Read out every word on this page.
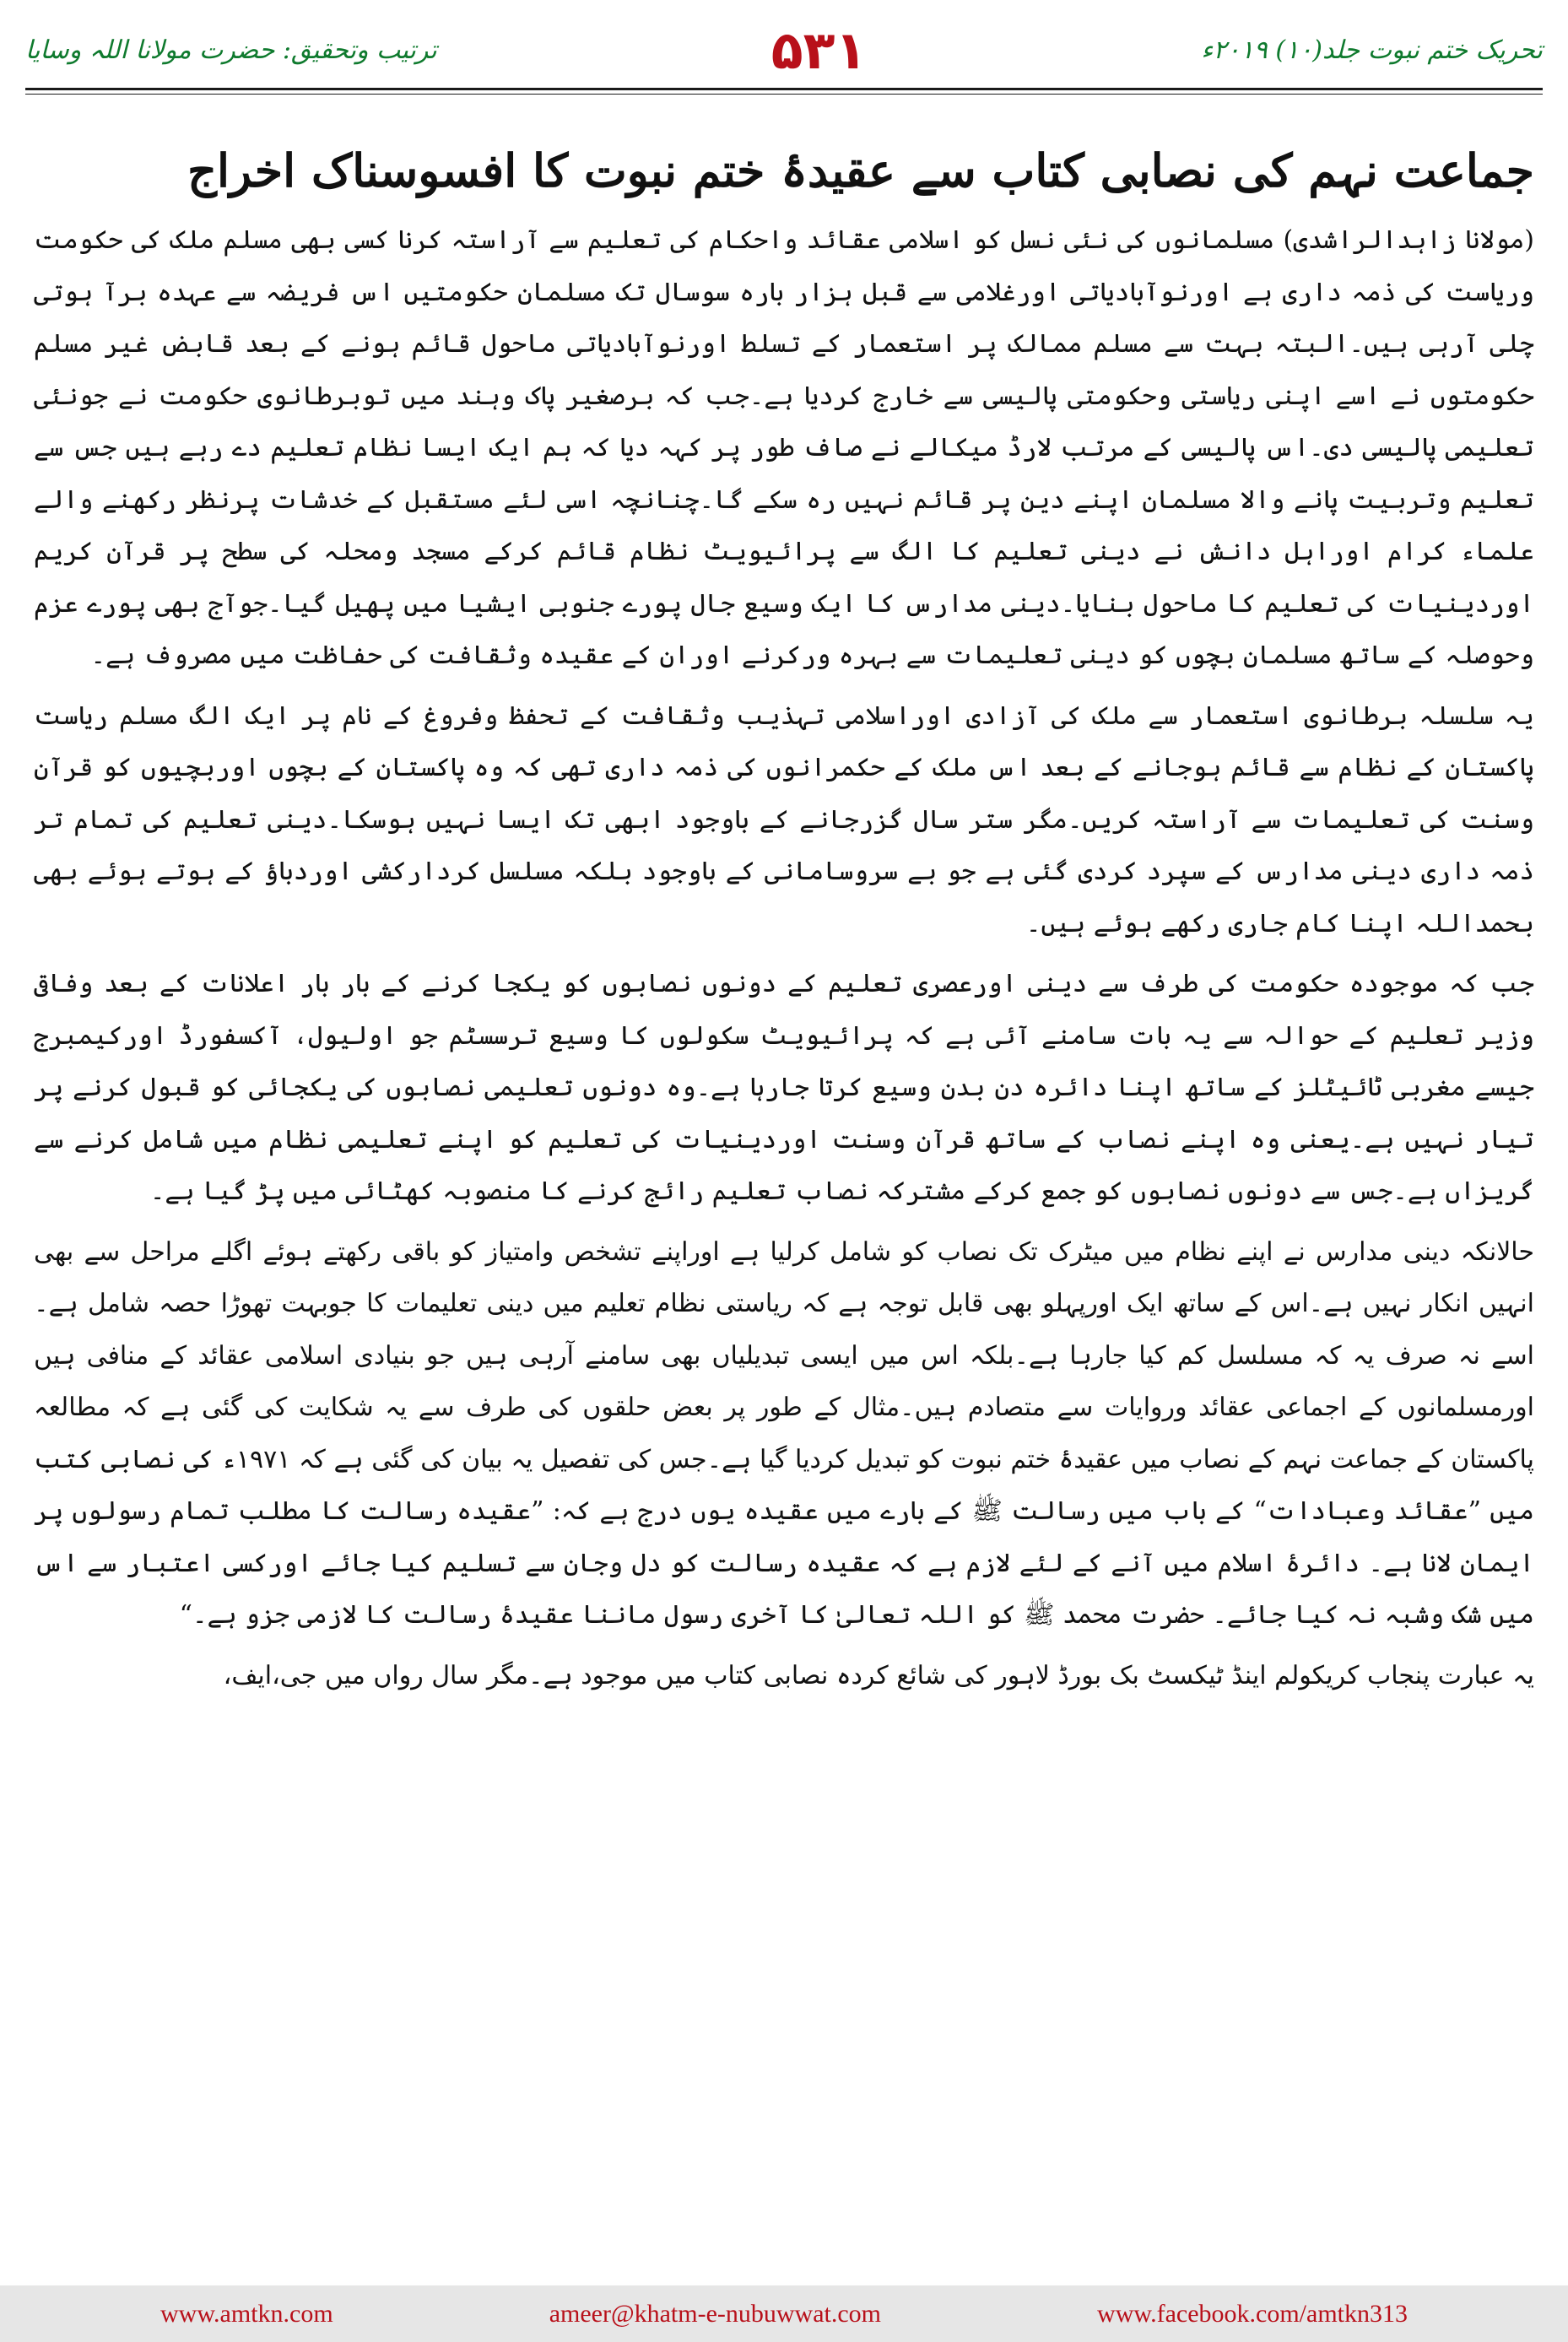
ترتیب وتحقیق: حضرت مولانا اللہ وسایا	۵۳۱	تحریک ختم نبوت جلد(۱۰) ۲۰۱۹ء
جماعت نہم کی نصابی کتاب سے عقیدۂ ختم نبوت کا افسوسناک اخراج

(مولانا زاہدالراشدی) مسلمانوں کی نئی نسل کو اسلامی عقائد واحکام کی تعلیم سے آراستہ کرنا کسی بھی مسلم ملک کی حکومت وریاست کی ذمہ داری ہے اورنوآبادیاتی اورغلامی سے قبل ہزار بارہ سوسال تک مسلمان حکومتیں اس فریضہ سے عہدہ برآ ہوتی چلی آرہی ہیں۔البتہ بہت سے مسلم ممالک پر استعمار کے تسلط اورنوآبادیاتی ماحول قائم ہونے کے بعد قابض غیر مسلم حکومتوں نے اسے اپنی ریاستی وحکومتی پالیسی سے خارج کردیا ہے۔جب کہ برصغیر پاک وہند میں توبرطانوی حکومت نے جونئی تعلیمی پالیسی دی۔اس پالیسی کے مرتب لارڈ میکالے نے صاف طور پر کہہ دیا کہ ہم ایک ایسا نظام تعلیم دے رہے ہیں جس سے تعلیم وتربیت پانے والا مسلمان اپنے دین پر قائم نہیں رہ سکے گا۔چنانچہ اسی لئے مستقبل کے خدشات پرنظر رکھنے والے علماء کرام اوراہل دانش نے دینی تعلیم کا الگ سے پرائیویٹ نظام قائم کرکے مسجد ومحلہ کی سطح پر قرآن کریم اوردینیات کی تعلیم کا ماحول بنایا۔دینی مدارس کا ایک وسیع جال پورے جنوبی ایشیا میں پھیل گیا۔جوآج بھی پورے عزم وحوصلہ کے ساتھ مسلمان بچوں کو دینی تعلیمات سے بہرہ ورکرنے اوران کے عقیدہ وثقافت کی حفاظت میں مصروف ہے۔

یہ سلسلہ برطانوی استعمار سے ملک کی آزادی اوراسلامی تہذیب وثقافت کے تحفظ وفروغ کے نام پر ایک الگ مسلم ریاست پاکستان کے نظام سے قائم ہوجانے کے بعد اس ملک کے حکمرانوں کی ذمہ داری تھی کہ وہ پاکستان کے بچوں اوربچیوں کو قرآن وسنت کی تعلیمات سے آراستہ کریں۔مگر ستر سال گزرجانے کے باوجود ابھی تک ایسا نہیں ہوسکا۔دینی تعلیم کی تمام تر ذمہ داری دینی مدارس کے سپرد کردی گئی ہے جو بے سروسامانی کے باوجود بلکہ مسلسل کردارکشی اوردباؤ کے ہوتے ہوئے بھی بحمداللہ اپنا کام جاری رکھے ہوئے ہیں۔

جب کہ موجودہ حکومت کی طرف سے دینی اورعصری تعلیم کے دونوں نصابوں کو یکجا کرنے کے بار بار اعلانات کے بعد وفاقی وزیر تعلیم کے حوالہ سے یہ بات سامنے آئی ہے کہ پرائیویٹ سکولوں کا وسیع ترسسٹم جو اولیول، آکسفورڈ اورکیمبرج جیسے مغربی ٹائیٹلز کے ساتھ اپنا دائرہ دن بدن وسیع کرتا جارہا ہے۔وہ دونوں تعلیمی نصابوں کی یکجائی کو قبول کرنے پر تیار نہیں ہے۔یعنی وہ اپنے نصاب کے ساتھ قرآن وسنت اوردینیات کی تعلیم کو اپنے تعلیمی نظام میں شامل کرنے سے گریزاں ہے۔جس سے دونوں نصابوں کو جمع کرکے مشترکہ نصاب تعلیم رائج کرنے کا منصوبہ کھٹائی میں پڑ گیا ہے۔

حالانکہ دینی مدارس نے اپنے نظام میں میٹرک تک نصاب کو شامل کرلیا ہے اوراپنے تشخص وامتیاز کو باقی رکھتے ہوئے اگلے مراحل سے بھی انہیں انکار نہیں ہے۔اس کے ساتھ ایک اورپہلو بھی قابل توجہ ہے کہ ریاستی نظام تعلیم میں دینی تعلیمات کا جوبہت تھوڑا حصہ شامل ہے۔اسے نہ صرف یہ کہ مسلسل کم کیا جارہا ہے۔بلکہ اس میں ایسی تبدیلیاں بھی سامنے آرہی ہیں جو بنیادی اسلامی عقائد کے منافی ہیں اورمسلمانوں کے اجماعی عقائد وروایات سے متصادم ہیں۔مثال کے طور پر بعض حلقوں کی طرف سے یہ شکایت کی گئی ہے کہ مطالعہ پاکستان کے جماعت نہم کے نصاب میں عقیدۂ ختم نبوت کو تبدیل کردیا گیا ہے۔جس کی تفصیل یہ بیان کی گئی ہے کہ ۱۹۷۱ء کی نصابی کتب میں ”عقائد وعبادات“ کے باب میں رسالت ﷺ کے بارے میں عقیدہ یوں درج ہے کہ: ”عقیدہ رسالت کا مطلب تمام رسولوں پر ایمان لانا ہے۔ دائرۂ اسلام میں آنے کے لئے لازم ہے کہ عقیدہ رسالت کو دل وجان سے تسلیم کیا جائے اورکسی اعتبار سے اس میں شک وشبہ نہ کیا جائے۔ حضرت محمد ﷺ کو اللہ تعالیٰ کا آخری رسول ماننا عقیدۂ رسالت کا لازمی جزو ہے۔“

یہ عبارت پنجاب کریکولم اینڈ ٹیکسٹ بک بورڈ لاہور کی شائع کردہ نصابی کتاب میں موجود ہے۔مگر سال رواں میں جی،ایف،

www.amtkn.com	ameer@khatm-e-nubuwwat.com	www.facebook.com/amtkn313
